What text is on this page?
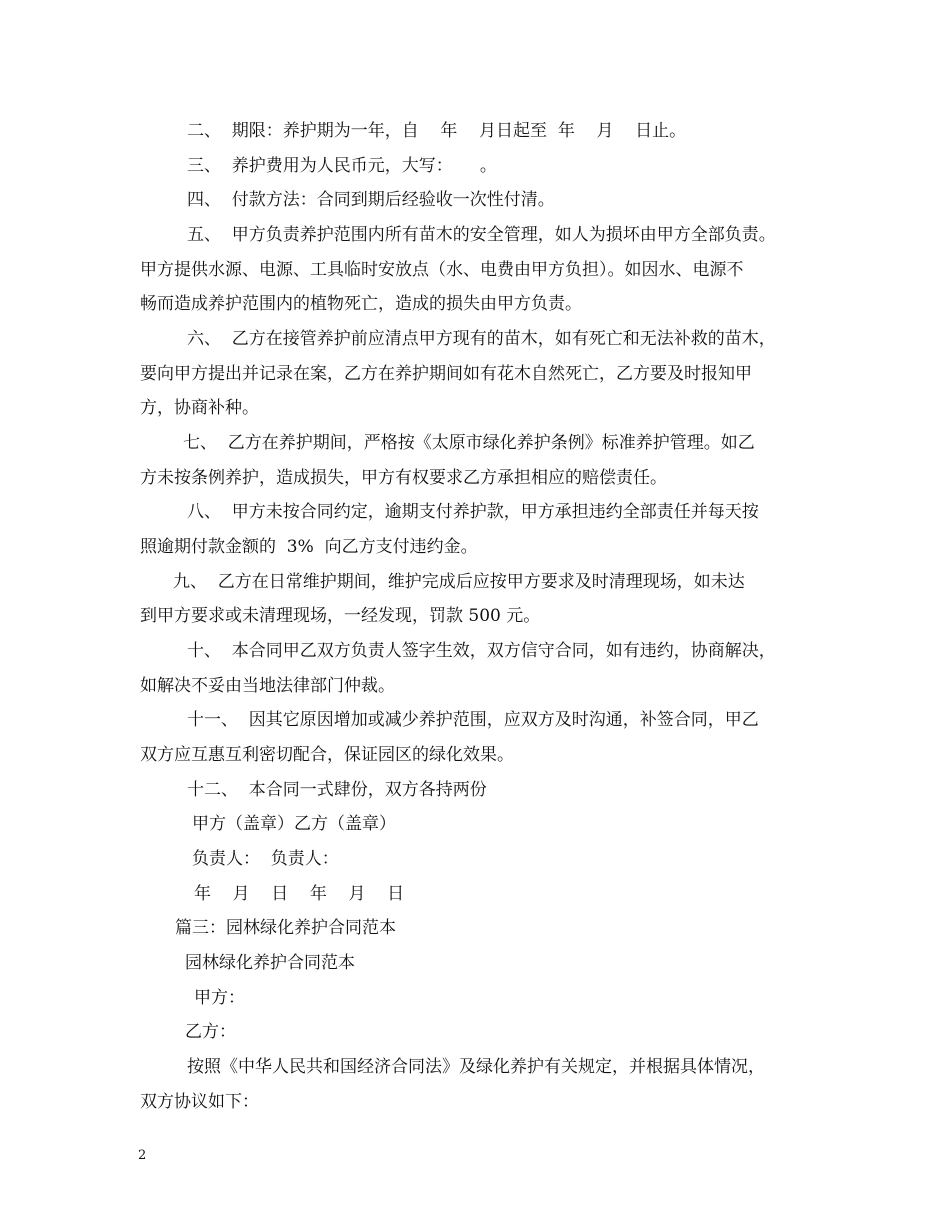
二、  期限：养护期为一年，自    年    月日起至  年    月    日止。
三、  养护费用为人民币元，大写：     。
四、  付款方法：合同到期后经验收一次性付清。
五、  甲方负责养护范围内所有苗木的安全管理，如人为损坏由甲方全部负责。
甲方提供水源、电源、工具临时安放点（水、电费由甲方负担）。如因水、电源不
畅而造成养护范围内的植物死亡，造成的损失由甲方负责。
六、  乙方在接管养护前应清点甲方现有的苗木，如有死亡和无法补救的苗木，
要向甲方提出并记录在案，乙方在养护期间如有花木自然死亡，乙方要及时报知甲
方，协商补种。
七、  乙方在养护期间，严格按《太原市绿化养护条例》标准养护管理。如乙
方未按条例养护，造成损失，甲方有权要求乙方承担相应的赔偿责任。
八、  甲方未按合同约定，逾期支付养护款，甲方承担违约全部责任并每天按
照逾期付款金额的  3%  向乙方支付违约金。
九、  乙方在日常维护期间，维护完成后应按甲方要求及时清理现场，如未达
到甲方要求或未清理现场，一经发现，罚款 500 元。
十、  本合同甲乙双方负责人签字生效，双方信守合同，如有违约，协商解决，
如解决不妥由当地法律部门仲裁。
十一、  因其它原因增加或减少养护范围，应双方及时沟通，补签合同，甲乙
双方应互惠互利密切配合，保证园区的绿化效果。
十二、  本合同一式肆份，双方各持两份
甲方（盖章）乙方（盖章）
负责人：  负责人：
年    月    日    年    月    日
篇三：园林绿化养护合同范本
园林绿化养护合同范本
甲方：
乙方：
按照《中华人民共和国经济合同法》及绿化养护有关规定，并根据具体情况，
双方协议如下：
2
